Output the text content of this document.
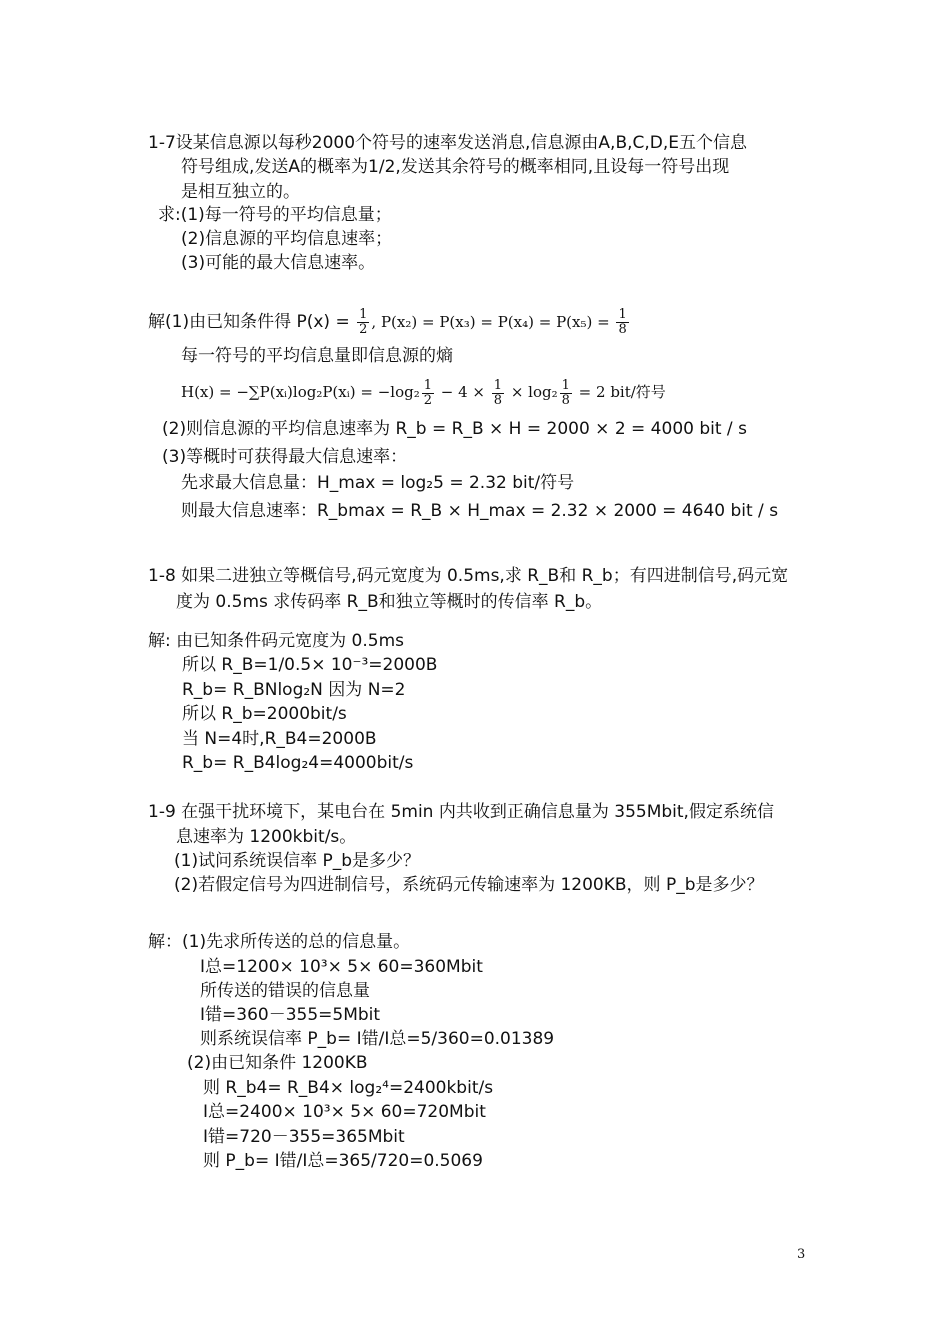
1-7设某信息源以每秒2000个符号的速率发送消息,信息源由A,B,C,D,E五个信息
符号组成,发送A的概率为1/2,发送其余符号的概率相同,且设每一符号出现
是相互独立的。
求:(1)每一符号的平均信息量；
(2)信息源的平均信息速率；
(3)可能的最大信息速率。
解(1)由已知条件得 $P(x) = \frac{1}{2}$ , $P(x_2) = P(x_3) = P(x_4) = P(x_5) = \frac{1}{8}$
每一符号的平均信息量即信息源的熵
H(x) = −∑P(xᵢ)log₂P(xᵢ) = $-\log_2 \frac{1}{2} - 4 \times \frac{1}{8} \times \log_2 \frac{1}{8} = 2$ bit/符号
(2)则信息源的平均信息速率为 R_b = R_B × H = 2000 × 2 = 4000 bit / s
(3)等概时可获得最大信息速率：
先求最大信息量：H_max = log₂5 = 2.32 bit/符号
则最大信息速率：R_bmax = R_B × H_max = 2.32 × 2000 = 4640 bit / s
1-8 如果二进独立等概信号,码元宽度为 0.5ms,求 R_B和 R_b；有四进制信号,码元宽
度为 0.5ms 求传码率 R_B和独立等概时的传信率 R_b。
解: 由已知条件码元宽度为 0.5ms
所以 R_B=1/0.5× 10⁻³=2000B
R_b= R_BNlog₂N 因为 N=2
所以 R_b=2000bit/s
当 N=4时,R_B4=2000B
R_b= R_B4log₂4=4000bit/s
1-9 在强干扰环境下，某电台在 5min 内共收到正确信息量为 355Mbit,假定系统信
息速率为 1200kbit/s。
(1)试问系统误信率 P_b是多少？
(2)若假定信号为四进制信号，系统码元传输速率为 1200KB，则 P_b是多少？
解：(1)先求所传送的总的信息量。
I总=1200× 10³× 5× 60=360Mbit
所传送的错误的信息量
I错=360－355=5Mbit
则系统误信率 P_b= I错/I总=5/360=0.01389
(2)由已知条件 1200KB
则 R_b4= R_B4× log₂⁴=2400kbit/s
I总=2400× 10³× 5× 60=720Mbit
I错=720－355=365Mbit
则 P_b= I错/I总=365/720=0.5069
3
